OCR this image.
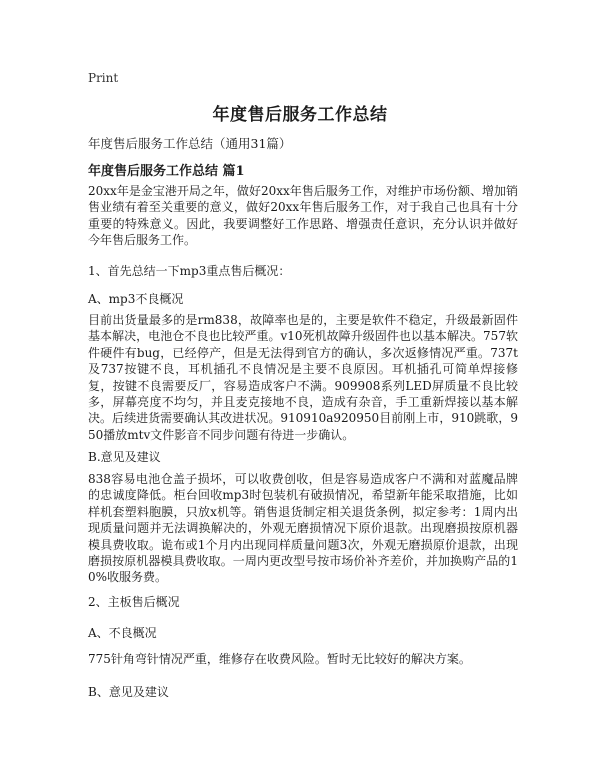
Print
年度售后服务工作总结
年度售后服务工作总结（通用31篇）
年度售后服务工作总结 篇1
20xx年是金宝港开局之年，做好20xx年售后服务工作，对维护市场份额、增加销售业绩有着至关重要的意义，做好20xx年售后服务工作，对于我自己也具有十分重要的特殊意义。因此，我要调整好工作思路、增强责任意识，充分认识并做好今年售后服务工作。
1、首先总结一下mp3重点售后概况：
A、mp3不良概况
目前出货量最多的是rm838，故障率也是的，主要是软件不稳定，升级最新固件基本解决，电池仓不良也比较严重。v10死机故障升级固件也以基本解决。757软件硬件有bug，已经停产，但是无法得到官方的确认，多次返修情况严重。737t及737按键不良，耳机插孔不良情况是主要不良原因。耳机插孔可简单焊接修复，按键不良需要反厂，容易造成客户不满。909908系列LED屏质量不良比较多，屏幕亮度不均匀，并且麦克接地不良，造成有杂音，手工重新焊接以基本解决。后续进货需要确认其改进状况。910910a920950目前刚上市，910跳歌，950播放mtv文件影音不同步问题有待进一步确认。
B.意见及建议
838容易电池仓盖子损坏，可以收费创收，但是容易造成客户不满和对蓝魔品牌的忠诚度降低。柜台回收mp3时包装机有破损情况，希望新年能采取措施，比如样机套塑料胞膜，只放x机等。销售退货制定相关退货条例，拟定参考：1周内出现质量问题并无法调换解决的，外观无磨损情况下原价退款。出现磨损按原机器模具费收取。诡布或1个月内出现同样质量问题3次，外观无磨损原价退款，出现磨损按原机器模具费收取。一周内更改型号按市场价补齐差价，并加换购产品的10%收服务费。
2、主板售后概况
A、不良概况
775针角弯针情况严重，维修存在收费风险。暂时无比较好的解决方案。
B、意见及建议
